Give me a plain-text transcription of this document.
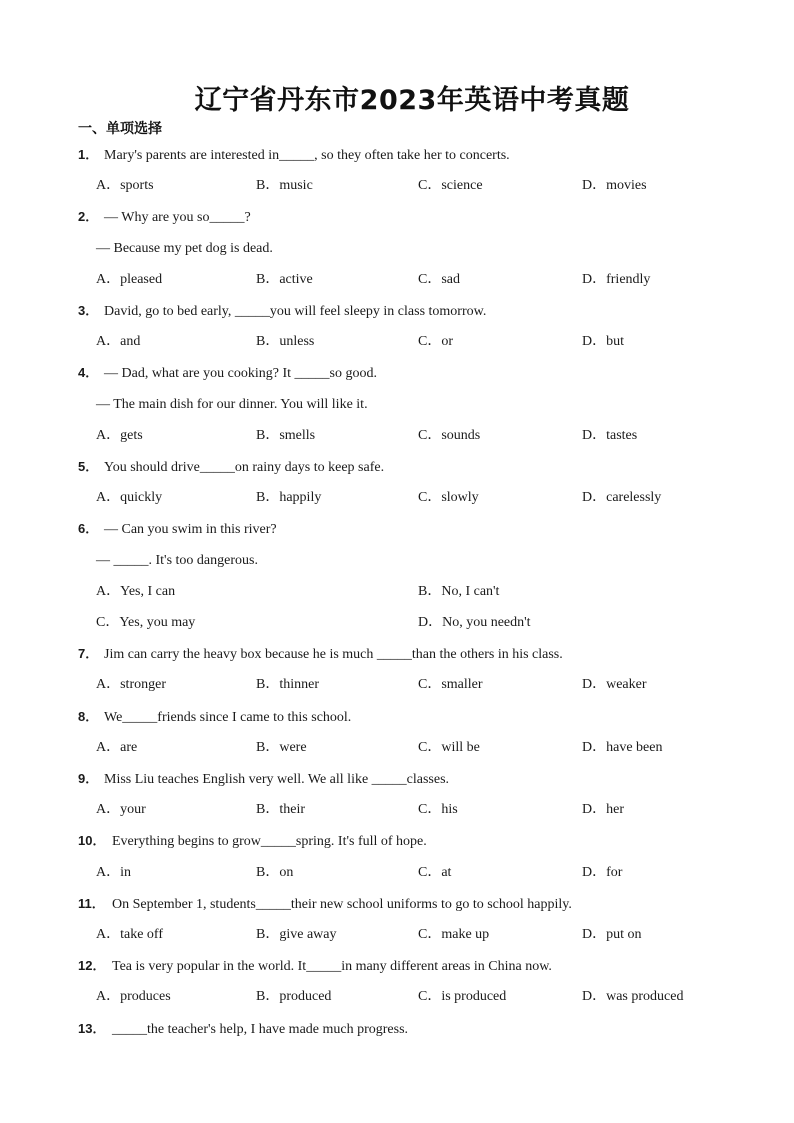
辽宁省丹东市2023年英语中考真题
一、单项选择
1． Mary's parents are interested in_____, so they often take her to concerts.
A．sports	B．music	C．science	D．movies
2． — Why are you so_____?
— Because my pet dog is dead.
A．pleased	B．active	C．sad	D．friendly
3． David, go to bed early, _____you will feel sleepy in class tomorrow.
A．and	B．unless	C．or	D．but
4． — Dad, what are you cooking? It _____so good.
— The main dish for our dinner. You will like it.
A．gets	B．smells	C．sounds	D．tastes
5． You should drive_____on rainy days to keep safe.
A．quickly	B．happily	C．slowly	D．carelessly
6． — Can you swim in this river?
— _____. It's too dangerous.
A．Yes, I can	B．No, I can't
C．Yes, you may	D．No, you needn't
7． Jim can carry the heavy box because he is much _____than the others in his class.
A．stronger	B．thinner	C．smaller	D．weaker
8． We_____friends since I came to this school.
A．are	B．were	C．will be	D．have been
9． Miss Liu teaches English very well. We all like _____classes.
A．your	B．their	C．his	D．her
10． Everything begins to grow_____spring. It's full of hope.
A．in	B．on	C．at	D．for
11． On September 1, students_____their new school uniforms to go to school happily.
A．take off	B．give away	C．make up	D．put on
12． Tea is very popular in the world. It_____in many different areas in China now.
A．produces	B．produced	C．is produced	D．was produced
13． _____the teacher's help, I have made much progress.
